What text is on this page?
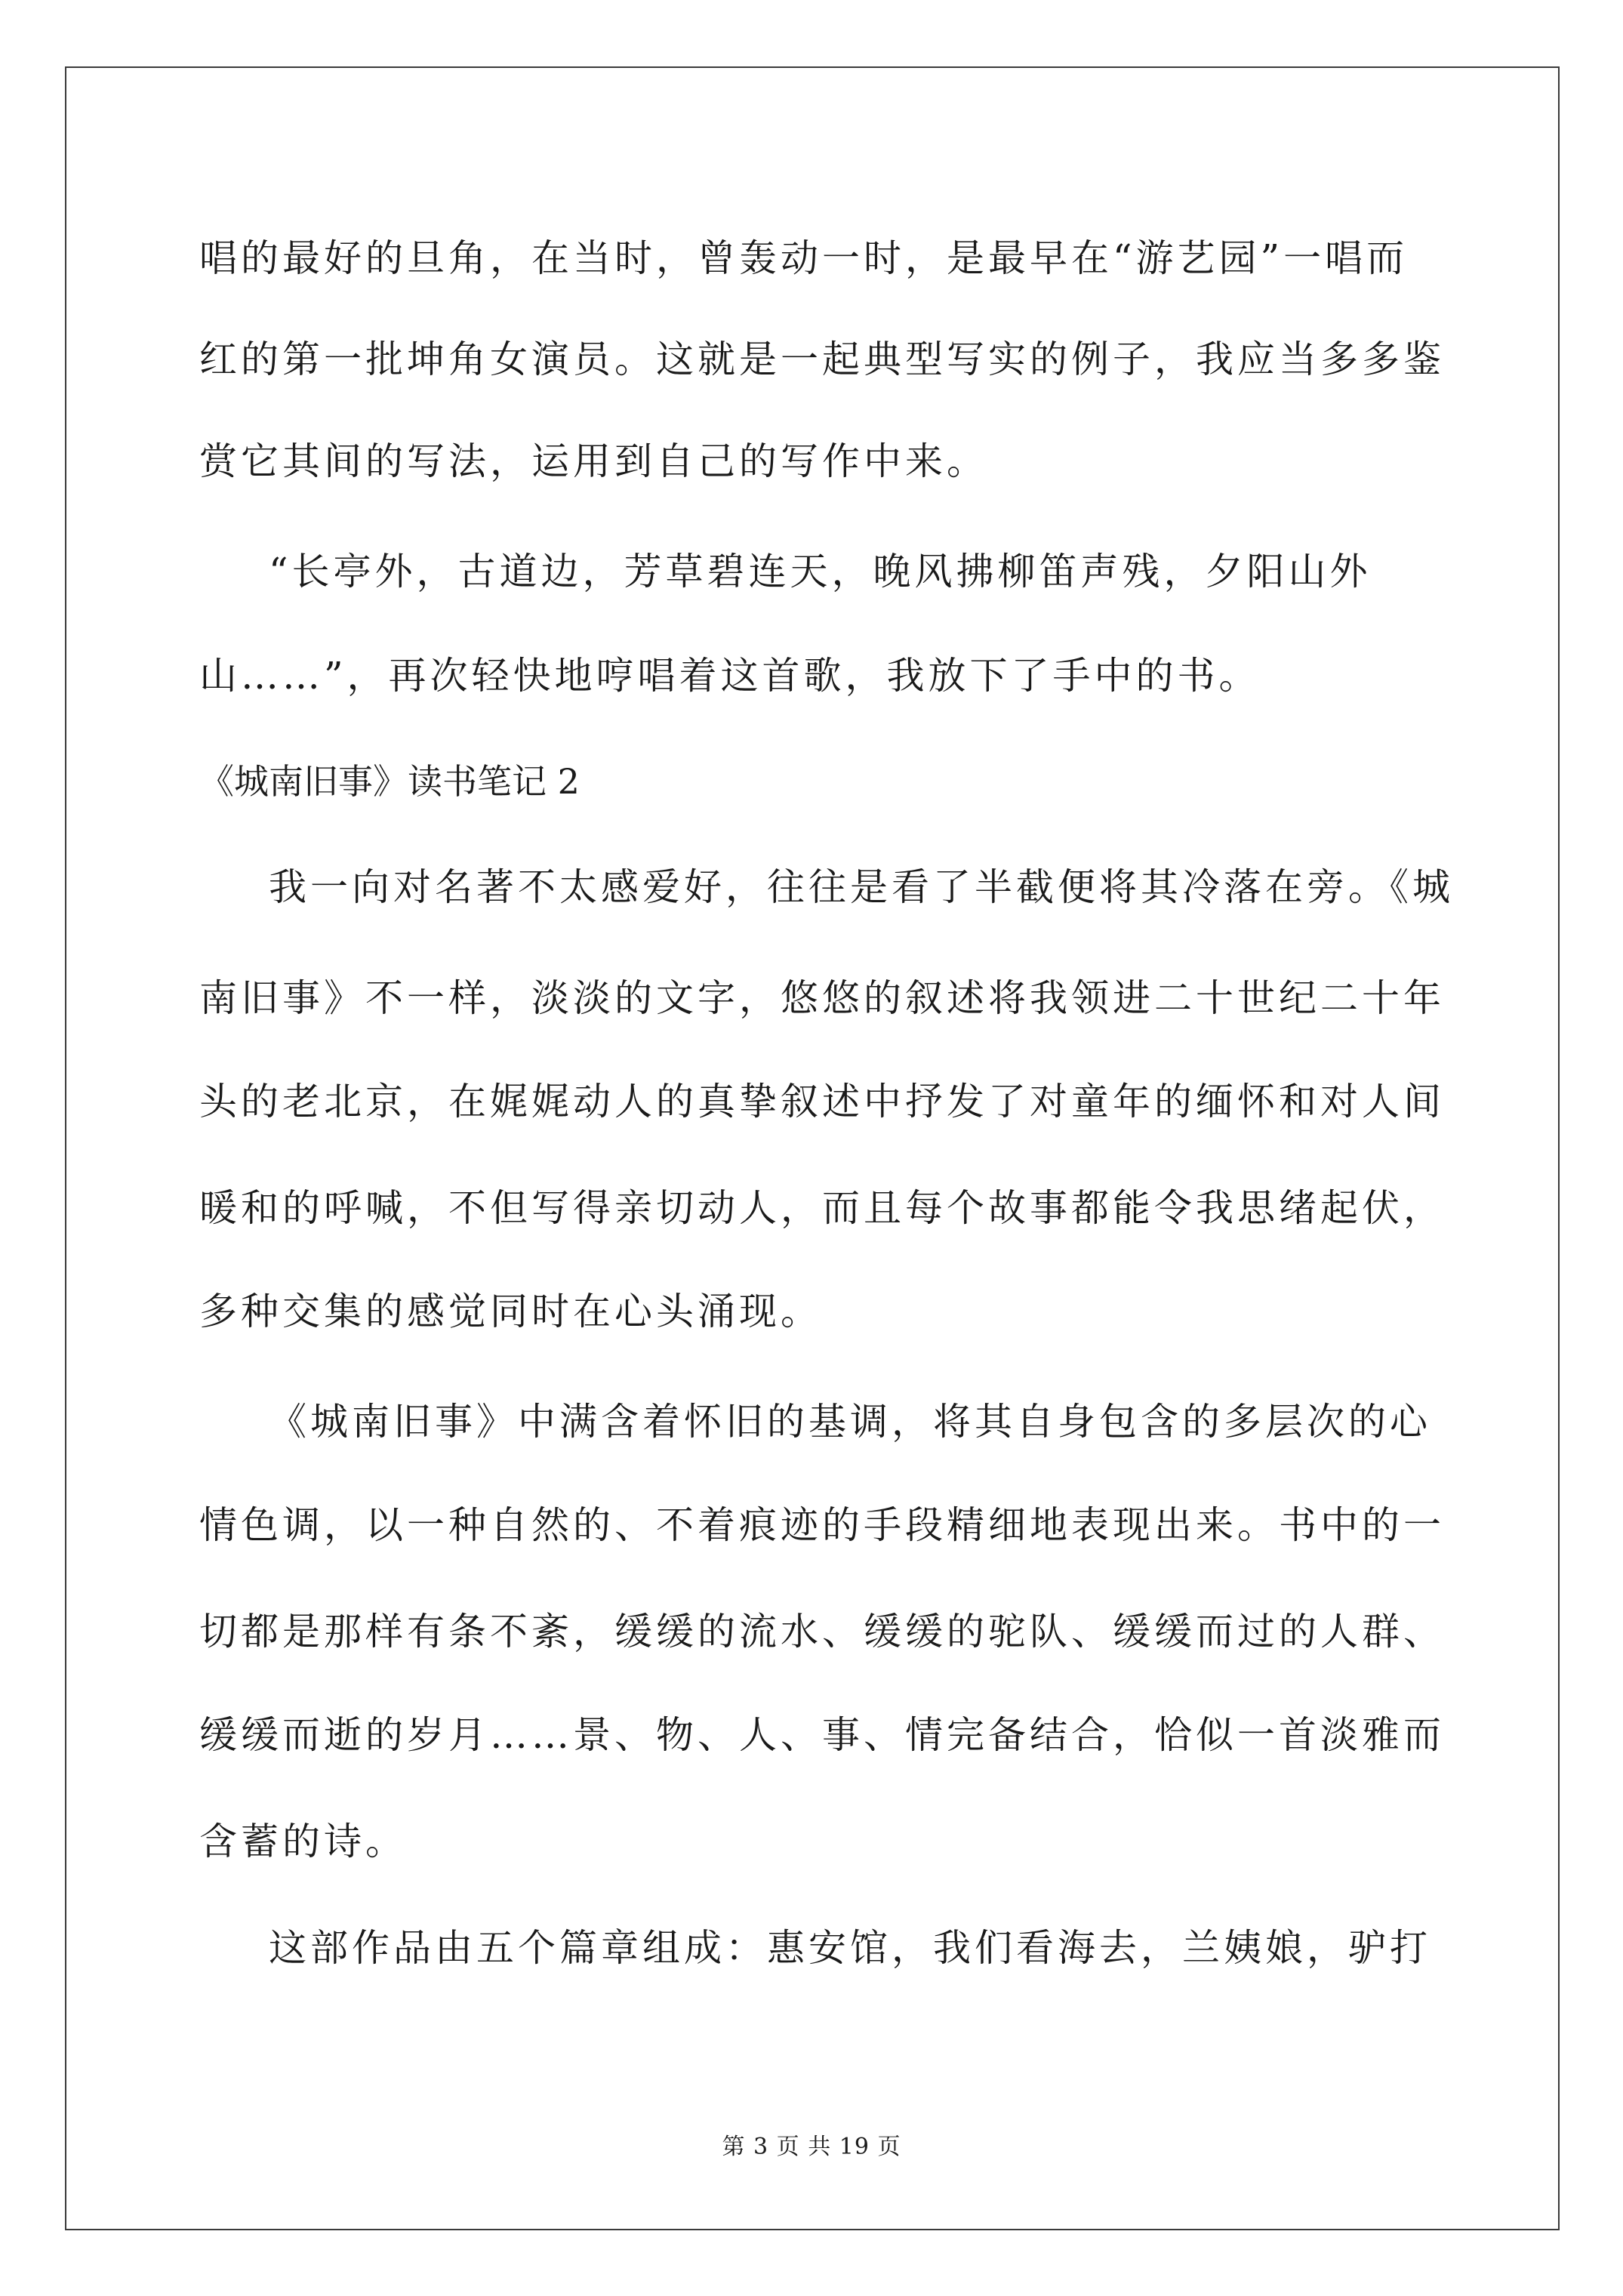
唱的最好的旦角，在当时，曾轰动一时，是最早在“游艺园”一唱而
红的第一批坤角女演员。这就是一起典型写实的例子，我应当多多鉴
赏它其间的写法，运用到自己的写作中来。
“长亭外，古道边，芳草碧连天，晚风拂柳笛声残，夕阳山外
山……”，再次轻快地哼唱着这首歌，我放下了手中的书。
《城南旧事》读书笔记 2
我一向对名著不太感爱好，往往是看了半截便将其冷落在旁。《城
南旧事》不一样，淡淡的文字，悠悠的叙述将我领进二十世纪二十年
头的老北京，在娓娓动人的真挚叙述中抒发了对童年的缅怀和对人间
暖和的呼喊，不但写得亲切动人，而且每个故事都能令我思绪起伏，
多种交集的感觉同时在心头涌现。
《城南旧事》中满含着怀旧的基调，将其自身包含的多层次的心
情色调，以一种自然的、不着痕迹的手段精细地表现出来。书中的一
切都是那样有条不紊，缓缓的流水、缓缓的驼队、缓缓而过的人群、
缓缓而逝的岁月……景、物、人、事、情完备结合，恰似一首淡雅而
含蓄的诗。
这部作品由五个篇章组成：惠安馆，我们看海去，兰姨娘，驴打
第 3 页 共 19 页
